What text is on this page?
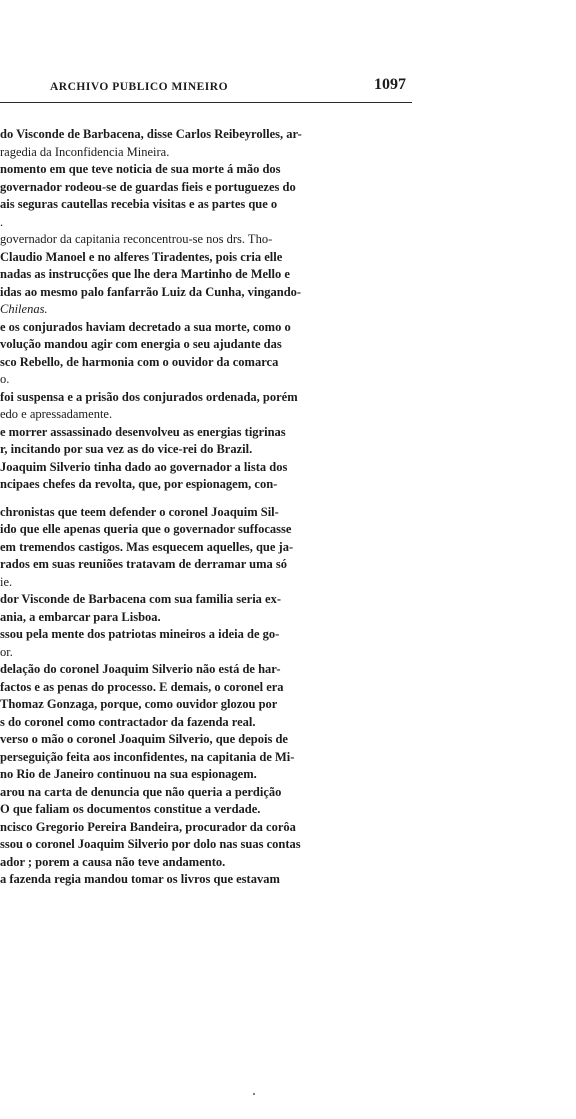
ARCHIVO PUBLICO MINEIRO	1097
do Visconde de Barbacena, disse Carlos Reibeyrolles, ar-
ragedia da Inconfidencia Mineira.
nomento em que teve noticia de sua morte á mão dos
governador rodeou-se de guardas fieis e portuguezes do
ais seguras cautellas recebia visitas e as partes que o
.
governador da capitania reconcentrou-se nos drs. Tho-
Claudio Manoel e no alferes Tiradentes, pois cria elle
nadas as instrucções que lhe dera Martinho de Mello e
idas ao mesmo palo fanfarrão Luiz da Cunha, vingando-
Chilenas.
e os conjurados haviam decretado a sua morte, como o
volução mandou agir com energia o seu ajudante das
sco Rebello, de harmonia com o ouvidor da comarca
o.
foi suspensa e a prisão dos conjurados ordenada, porém
edo e apressadamente.
e morrer assassinado desenvolveu as energias tigrinas
r, incitando por sua vez as do vice-rei do Brazil.
Joaquim Silverio tinha dado ao governador a lista dos
ncipaes chefes da revolta, que, por espionagem, con-
chronistas que teem defender o coronel Joaquim Sil-
ido que elle apenas queria que o governador suffocasse
em tremendos castigos. Mas esquecem aquelles, que ja-
rados em suas reuniões tratavam de derramar uma só
ie.
dor Visconde de Barbacena com sua familia seria ex-
ania, a embarcar para Lisboa.
ssou pela mente dos patriotas mineiros a ideia de go-
or.
delação do coronel Joaquim Silverio não está de har-
factos e as penas do processo. E demais, o coronel era
Thomaz Gonzaga, porque, como ouvidor glozou por
s do coronel como contractador da fazenda real.
verso o mão o coronel Joaquim Silverio, que depois de
perseguição feita aos inconfidentes, na capitania de Mi-
no Rio de Janeiro continuou na sua espionagem.
arou na carta de denuncia que não queria a perdição
O que faliam os documentos constitue a verdade.
ncisco Gregorio Pereira Bandeira, procurador da corôa
ssou o coronel Joaquim Silverio por dolo nas suas contas
ador ; porem a causa não teve andamento.
a fazenda regia mandou tomar os livros que estavam
